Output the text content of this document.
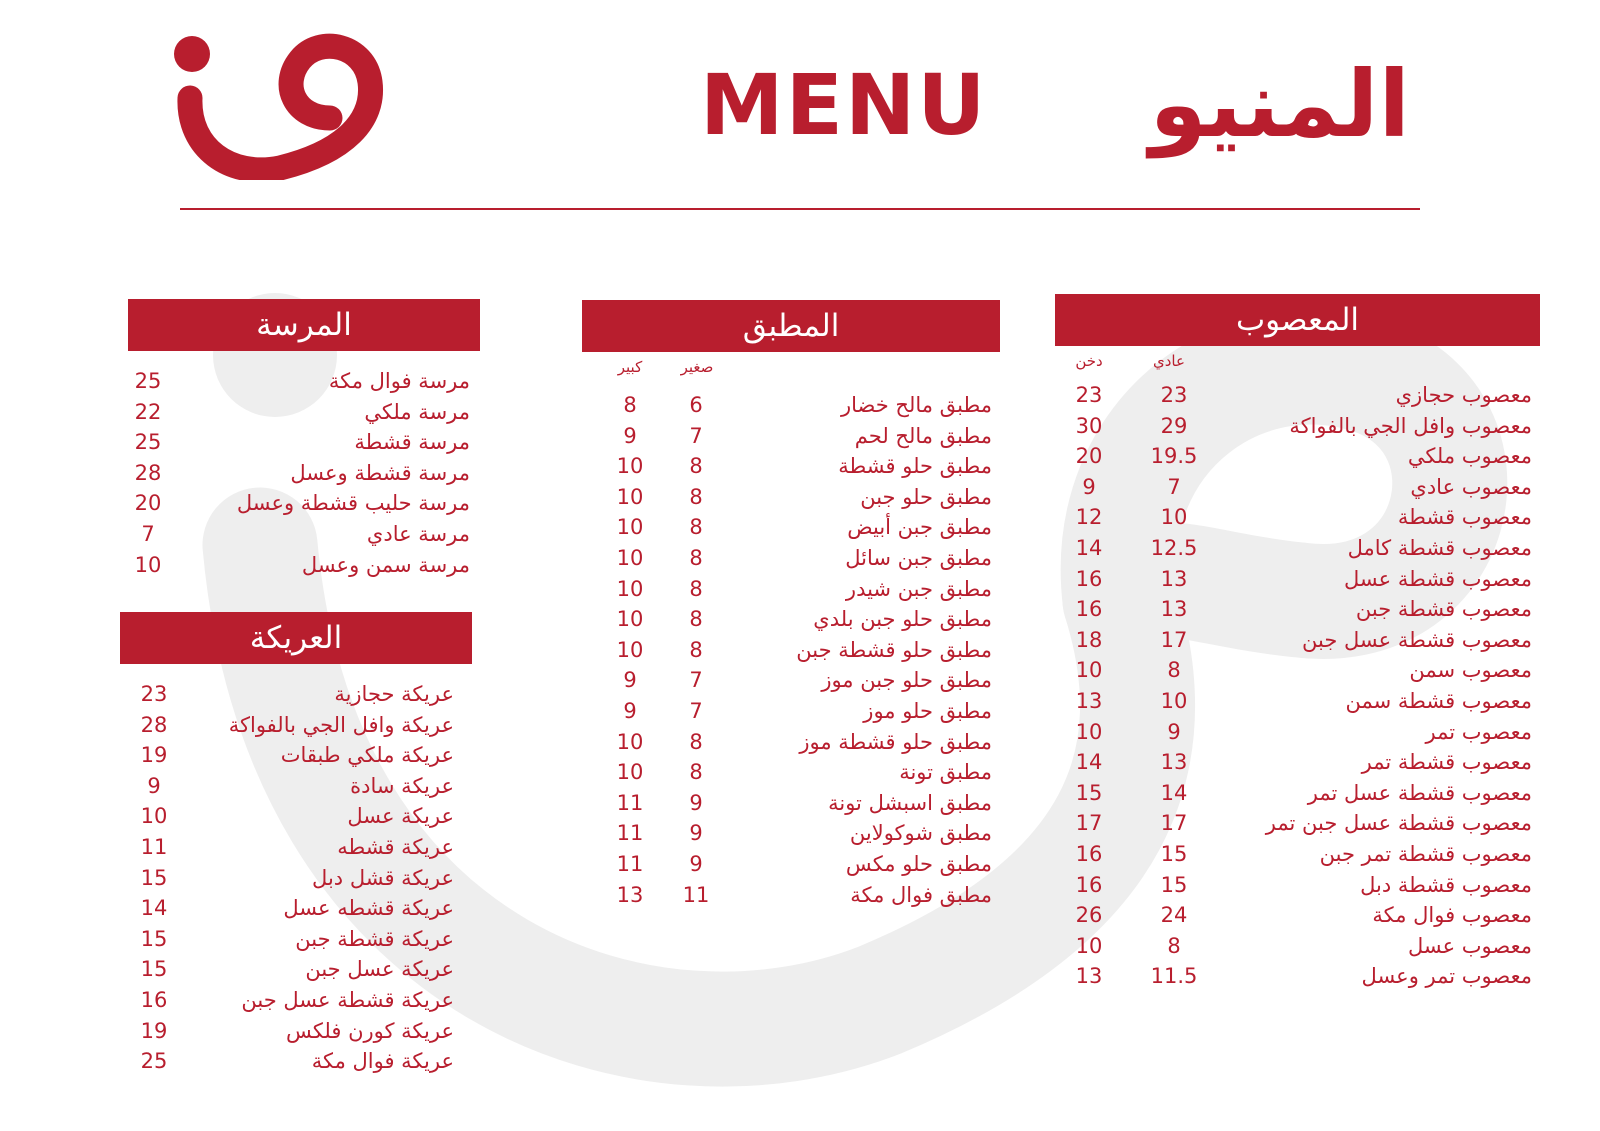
MENU	المنيو
المرسة
25	مرسة فوال مكة
22	مرسة ملكي
25	مرسة قشطة
28	مرسة قشطة وعسل
20	مرسة حليب قشطة وعسل
7	مرسة عادي
10	مرسة سمن وعسل
العريكة
23	عريكة حجازية
28	عريكة وافل الجي بالفواكة
19	عريكة ملكي طبقات
9	عريكة سادة
10	عريكة عسل
11	عريكة قشطه
15	عريكة قشل دبل
14	عريكة قشطه عسل
15	عريكة قشطة جبن
15	عريكة عسل جبن
16	عريكة قشطة عسل جبن
19	عريكة كورن فلكس
25	عريكة فوال مكة
المطبق
كبير	صغير
8	6	مطبق مالح خضار
9	7	مطبق مالح لحم
10	8	مطبق حلو قشطة
10	8	مطبق حلو جبن
10	8	مطبق جبن أبيض
10	8	مطبق جبن سائل
10	8	مطبق جبن شيدر
10	8	مطبق حلو جبن بلدي
10	8	مطبق حلو قشطة جبن
9	7	مطبق حلو جبن موز
9	7	مطبق حلو موز
10	8	مطبق حلو قشطة موز
10	8	مطبق تونة
11	9	مطبق اسبشل تونة
11	9	مطبق شوكولاين
11	9	مطبق حلو مكس
13	11	مطبق فوال مكة
المعصوب
دخن	عادي
23	23	معصوب حجازي
30	29	معصوب وافل الجي بالفواكة
20	19.5	معصوب ملكي
9	7	معصوب عادي
12	10	معصوب قشطة
14	12.5	معصوب قشطة كامل
16	13	معصوب قشطة عسل
16	13	معصوب قشطة جبن
18	17	معصوب قشطة عسل جبن
10	8	معصوب سمن
13	10	معصوب قشطة سمن
10	9	معصوب تمر
14	13	معصوب قشطة تمر
15	14	معصوب قشطة عسل تمر
17	17	معصوب قشطة عسل جبن تمر
16	15	معصوب قشطة تمر جبن
16	15	معصوب قشطة دبل
26	24	معصوب فوال مكة
10	8	معصوب عسل
13	11.5	معصوب تمر وعسل
